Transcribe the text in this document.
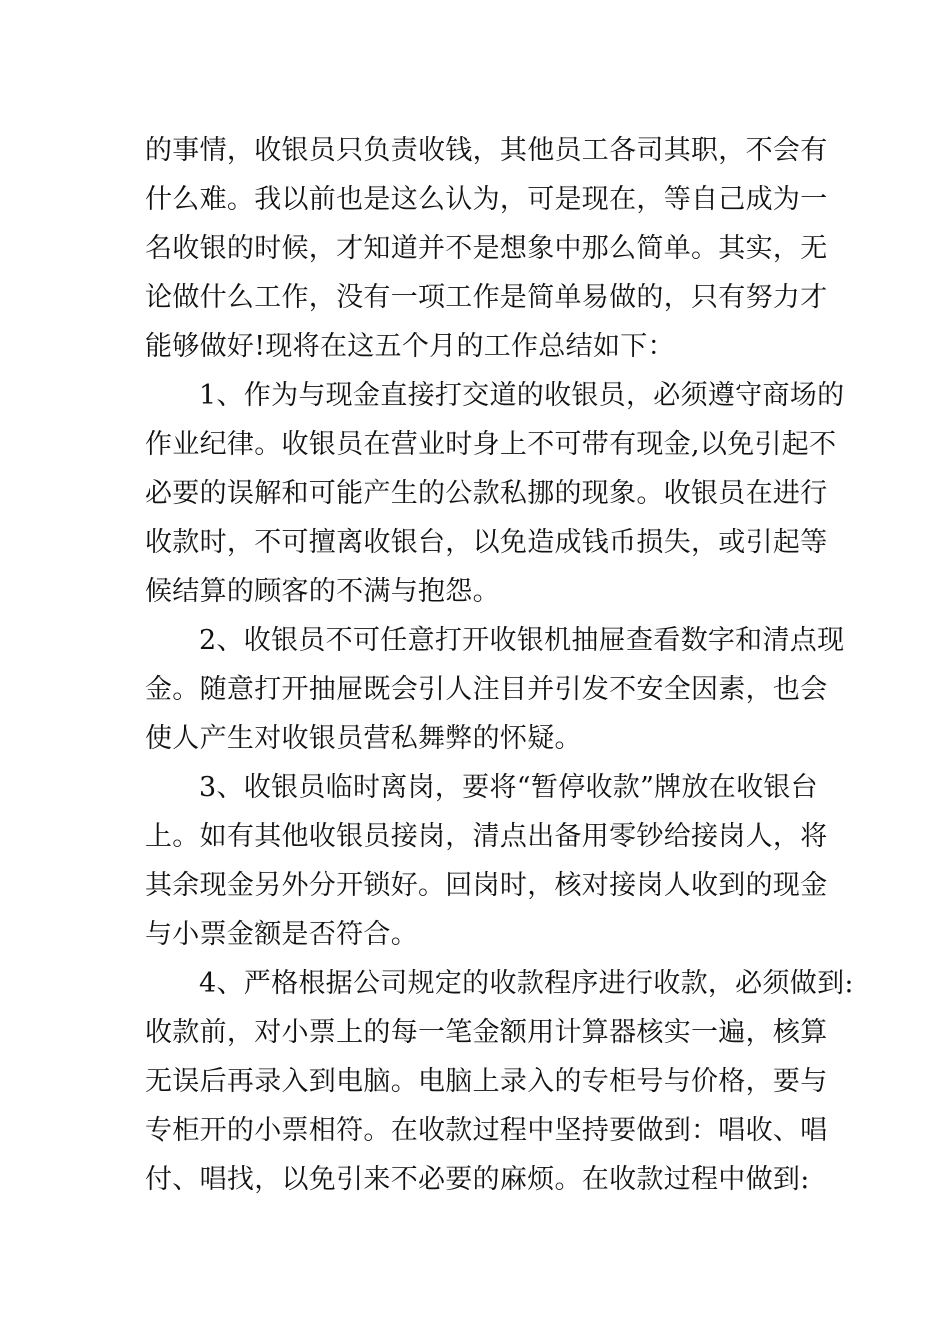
的事情，收银员只负责收钱，其他员工各司其职，不会有
什么难。我以前也是这么认为，可是现在，等自己成为一
名收银的时候，才知道并不是想象中那么简单。其实，无
论做什么工作，没有一项工作是简单易做的，只有努力才
能够做好!现将在这五个月的工作总结如下：
1、作为与现金直接打交道的收银员，必须遵守商场的
作业纪律。收银员在营业时身上不可带有现金,以免引起不
必要的误解和可能产生的公款私挪的现象。收银员在进行
收款时，不可擅离收银台，以免造成钱币损失，或引起等
候结算的顾客的不满与抱怨。
2、收银员不可任意打开收银机抽屉查看数字和清点现
金。随意打开抽屉既会引人注目并引发不安全因素，也会
使人产生对收银员营私舞弊的怀疑。
3、收银员临时离岗，要将“暂停收款”牌放在收银台
上。如有其他收银员接岗，清点出备用零钞给接岗人，将
其余现金另外分开锁好。回岗时，核对接岗人收到的现金
与小票金额是否符合。
4、严格根据公司规定的收款程序进行收款，必须做到:
收款前，对小票上的每一笔金额用计算器核实一遍，核算
无误后再录入到电脑。电脑上录入的专柜号与价格，要与
专柜开的小票相符。在收款过程中坚持要做到：唱收、唱
付、唱找，以免引来不必要的麻烦。在收款过程中做到:
